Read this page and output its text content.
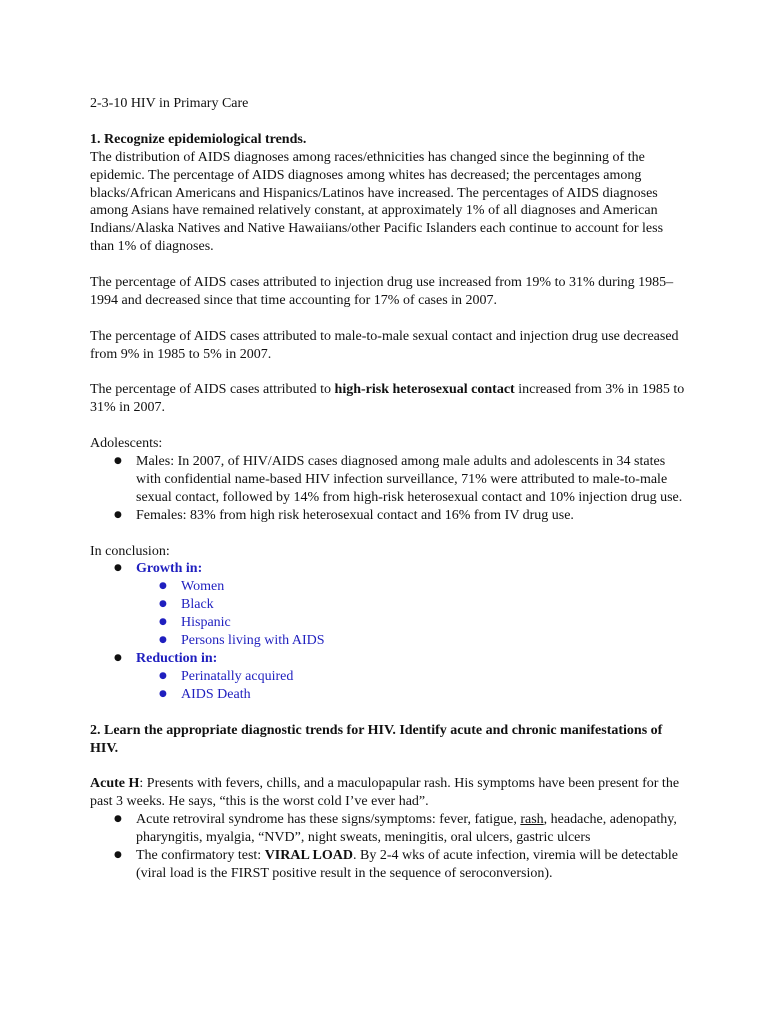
2-3-10 HIV in Primary Care

1. Recognize epidemiological trends.

The distribution of AIDS diagnoses among races/ethnicities has changed since the beginning of the epidemic. The percentage of AIDS diagnoses among whites has decreased; the percentages among blacks/African Americans and Hispanics/Latinos have increased. The percentages of AIDS diagnoses among Asians have remained relatively constant, at approximately 1% of all diagnoses and American Indians/Alaska Natives and Native Hawaiians/other Pacific Islanders each continue to account for less than 1% of diagnoses.

The percentage of AIDS cases attributed to injection drug use increased from 19% to 31% during 1985–1994 and decreased since that time accounting for 17% of cases in 2007.

The percentage of AIDS cases attributed to male-to-male sexual contact and injection drug use decreased from 9% in 1985 to 5% in 2007.

The percentage of AIDS cases attributed to high-risk heterosexual contact increased from 3% in 1985 to 31% in 2007.

Adolescents:

● Males: In 2007, of HIV/AIDS cases diagnosed among male adults and adolescents in 34 states with confidential name-based HIV infection surveillance, 71% were attributed to male-to-male sexual contact, followed by 14% from high-risk heterosexual contact and 10% injection drug use.
● Females: 83% from high risk heterosexual contact and 16% from IV drug use.

In conclusion:

● Growth in:
● Women
● Black
● Hispanic
● Persons living with AIDS
● Reduction in:
● Perinatally acquired
● AIDS Death

2. Learn the appropriate diagnostic trends for HIV. Identify acute and chronic manifestations of HIV.

Acute H: Presents with fevers, chills, and a maculopapular rash. His symptoms have been present for the past 3 weeks. He says, “this is the worst cold I’ve ever had”.

● Acute retroviral syndrome has these signs/symptoms: fever, fatigue, rash, headache, adenopathy, pharyngitis, myalgia, “NVD”, night sweats, meningitis, oral ulcers, gastric ulcers
● The confirmatory test: VIRAL LOAD. By 2-4 wks of acute infection, viremia will be detectable (viral load is the FIRST positive result in the sequence of seroconversion).
